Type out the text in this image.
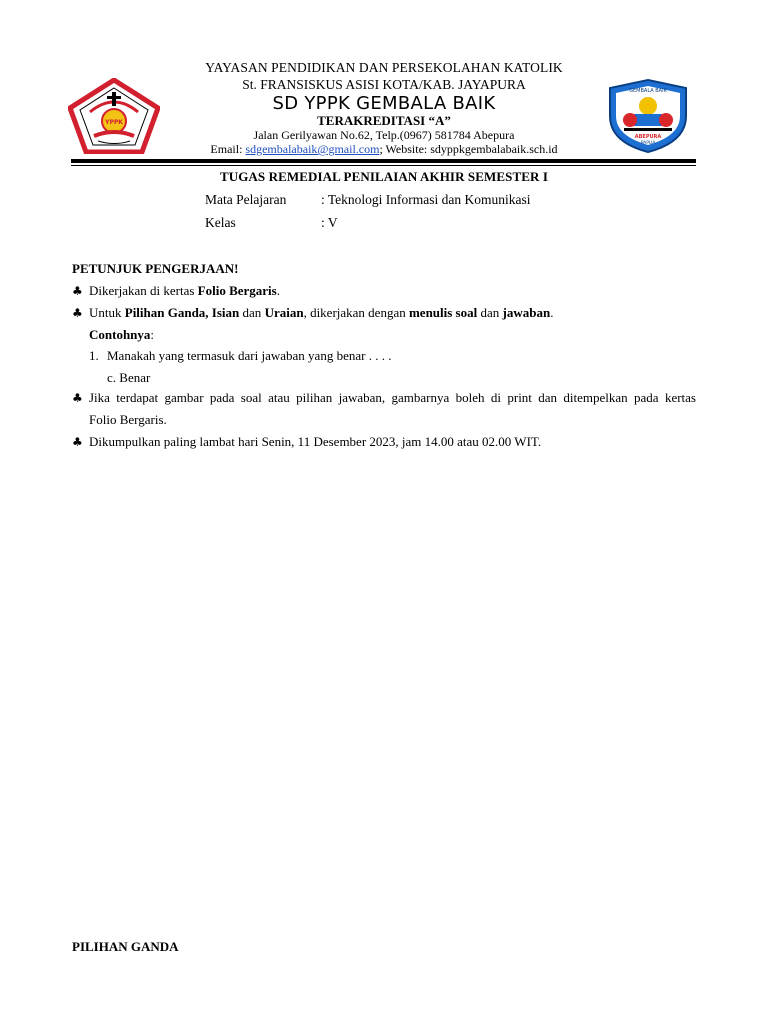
YPPK
GEMBALA BAIK
ABEPURA
PAPUA
YAYASAN PENDIDIKAN DAN PERSEKOLAHAN KATOLIK
St. FRANSISKUS ASISI KOTA/KAB. JAYAPURA
SD YPPK GEMBALA BAIK
TERAKREDITASI “A”
Jalan Gerilyawan No.62, Telp.(0967) 581784 Abepura
Email: sdgembalabaik@gmail.com; Website: sdyppkgembalabaik.sch.id
TUGAS REMEDIAL PENILAIAN AKHIR SEMESTER I
Mata Pelajaran	: Teknologi Informasi dan Komunikasi
Kelas	: V
PETUNJUK PENGERJAAN!
♣ Dikerjakan di kertas Folio Bergaris.
♣ Untuk Pilihan Ganda, Isian dan Uraian, dikerjakan dengan menulis soal dan jawaban.
Contohnya:
1. Manakah yang termasuk dari jawaban yang benar . . . .
c. Benar
♣ Jika terdapat gambar pada soal atau pilihan jawaban, gambarnya boleh di print dan ditempelkan pada kertas
Folio Bergaris.
♣ Dikumpulkan paling lambat hari Senin, 11 Desember 2023, jam 14.00 atau 02.00 WIT.
PILIHAN GANDA
